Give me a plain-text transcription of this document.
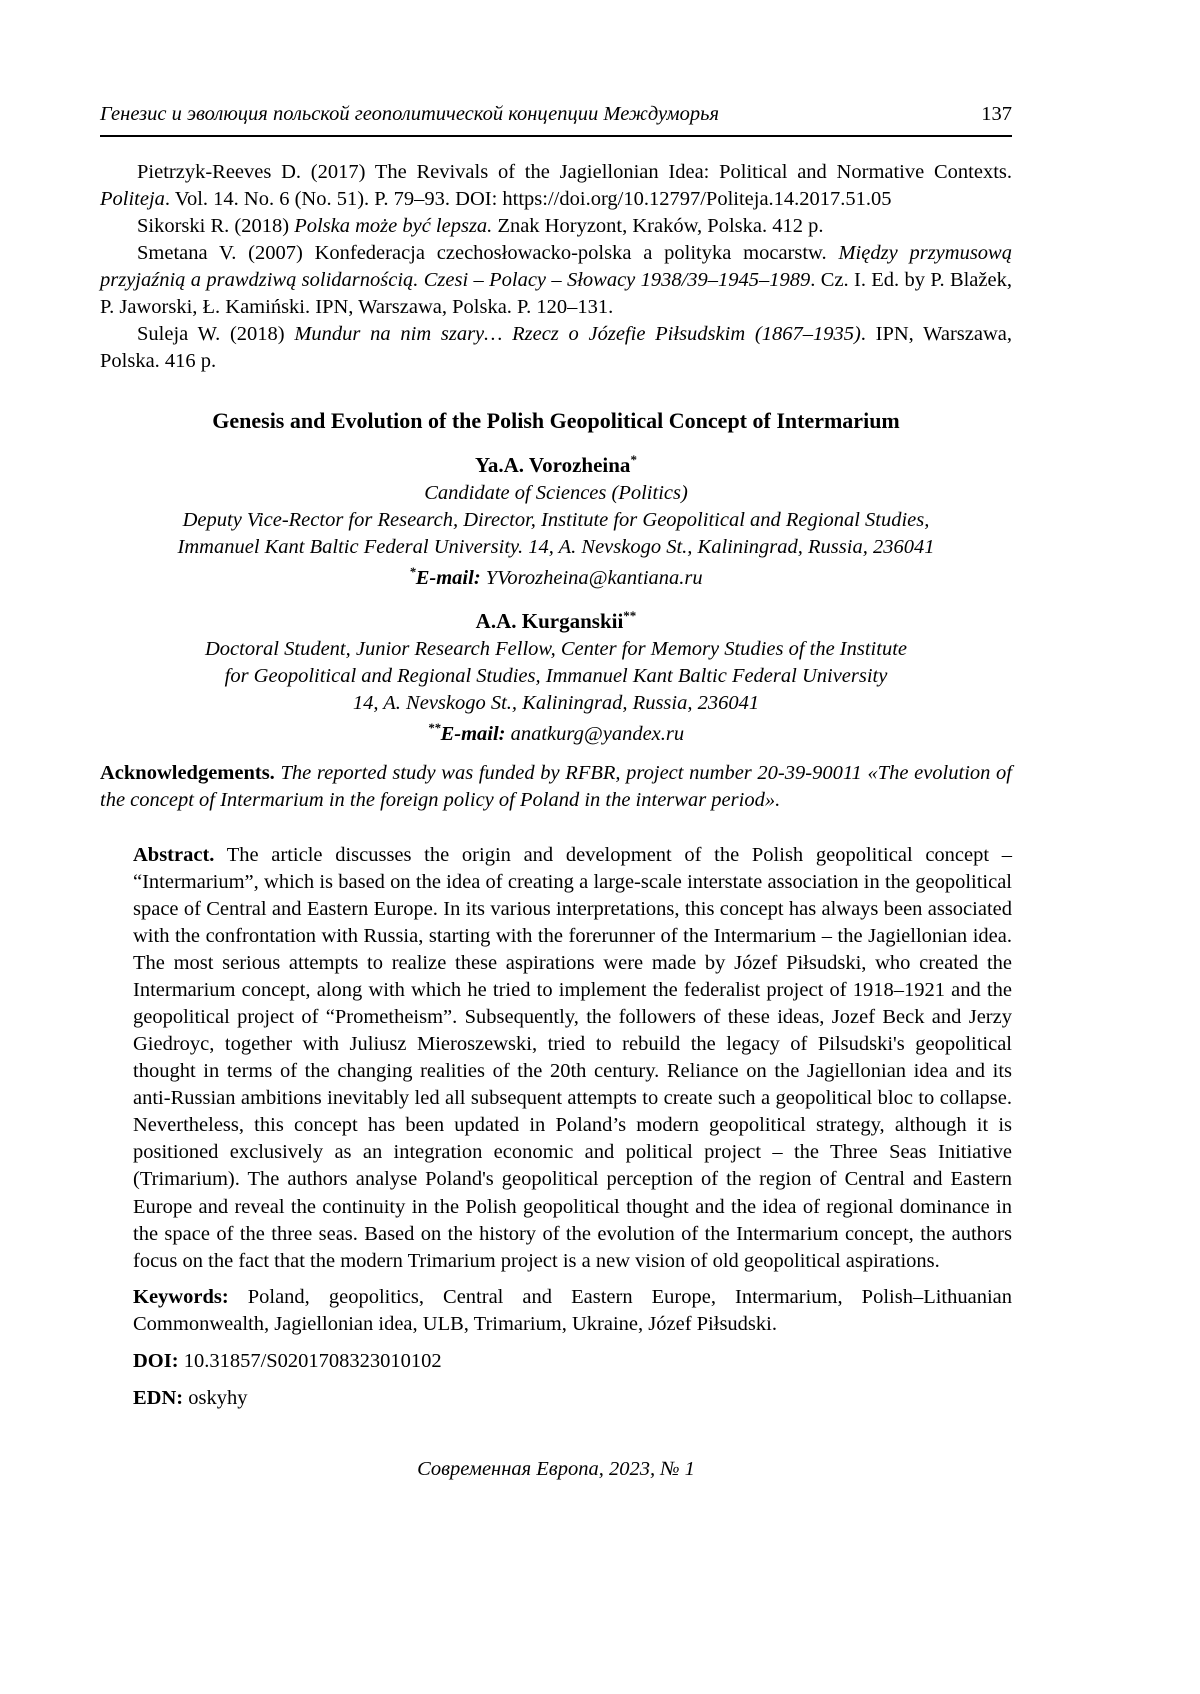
Генезис и эволюция польской геополитической концепции Междуморья	137

Pietrzyk-Reeves D. (2017) The Revivals of the Jagiellonian Idea: Political and Normative Contexts. Politeja. Vol. 14. No. 6 (No. 51). P. 79–93. DOI: https://doi.org/10.12797/Politeja.14.2017.51.05

Sikorski R. (2018) Polska może być lepsza. Znak Horyzont, Kraków, Polska. 412 p.

Smetana V. (2007) Konfederacja czechosłowacko-polska a polityka mocarstw. Między przymusową przyjaźnią a prawdziwą solidarnością. Czesi – Polacy – Słowacy 1938/39–1945–1989. Cz. I. Ed. by P. Blažek, P. Jaworski, Ł. Kamiński. IPN, Warszawa, Polska. P. 120–131.

Suleja W. (2018) Mundur na nim szary… Rzecz o Józefie Piłsudskim (1867–1935). IPN, Warszawa, Polska. 416 p.

Genesis and Evolution of the Polish Geopolitical Concept of Intermarium

Ya.A. Vorozheina*

Candidate of Sciences (Politics)

Deputy Vice-Rector for Research, Director, Institute for Geopolitical and Regional Studies,

Immanuel Kant Baltic Federal University. 14, A. Nevskogo St., Kaliningrad, Russia, 236041

*E-mail: YVorozheina@kantiana.ru

A.A. Kurganskii**

Doctoral Student, Junior Research Fellow, Center for Memory Studies of the Institute

for Geopolitical and Regional Studies, Immanuel Kant Baltic Federal University

14, A. Nevskogo St., Kaliningrad, Russia, 236041

**E-mail: anatkurg@yandex.ru

Acknowledgements. The reported study was funded by RFBR, project number 20-39-90011 «The evolution of the concept of Intermarium in the foreign policy of Poland in the interwar period».

Abstract. The article discusses the origin and development of the Polish geopolitical concept – “Intermarium”, which is based on the idea of creating a large-scale interstate association in the geopolitical space of Central and Eastern Europe. In its various interpretations, this concept has always been associated with the confrontation with Russia, starting with the forerunner of the Intermarium – the Jagiellonian idea. The most serious attempts to realize these aspirations were made by Józef Piłsudski, who created the Intermarium concept, along with which he tried to implement the federalist project of 1918–1921 and the geopolitical project of “Prometheism”. Subsequently, the followers of these ideas, Jozef Beck and Jerzy Giedroyc, together with Juliusz Mieroszewski, tried to rebuild the legacy of Pilsudski's geopolitical thought in terms of the changing realities of the 20th century. Reliance on the Jagiellonian idea and its anti-Russian ambitions inevitably led all subsequent attempts to create such a geopolitical bloc to collapse. Nevertheless, this concept has been updated in Poland’s modern geopolitical strategy, although it is positioned exclusively as an integration economic and political project – the Three Seas Initiative (Trimarium). The authors analyse Poland's geopolitical perception of the region of Central and Eastern Europe and reveal the continuity in the Polish geopolitical thought and the idea of regional dominance in the space of the three seas. Based on the history of the evolution of the Intermarium concept, the authors focus on the fact that the modern Trimarium project is a new vision of old geopolitical aspirations.

Keywords: Poland, geopolitics, Central and Eastern Europe, Intermarium, Polish–Lithuanian Commonwealth, Jagiellonian idea, ULB, Trimarium, Ukraine, Józef Piłsudski.

DOI: 10.31857/S0201708323010102

EDN: oskyhy

Современная Европа, 2023, № 1
